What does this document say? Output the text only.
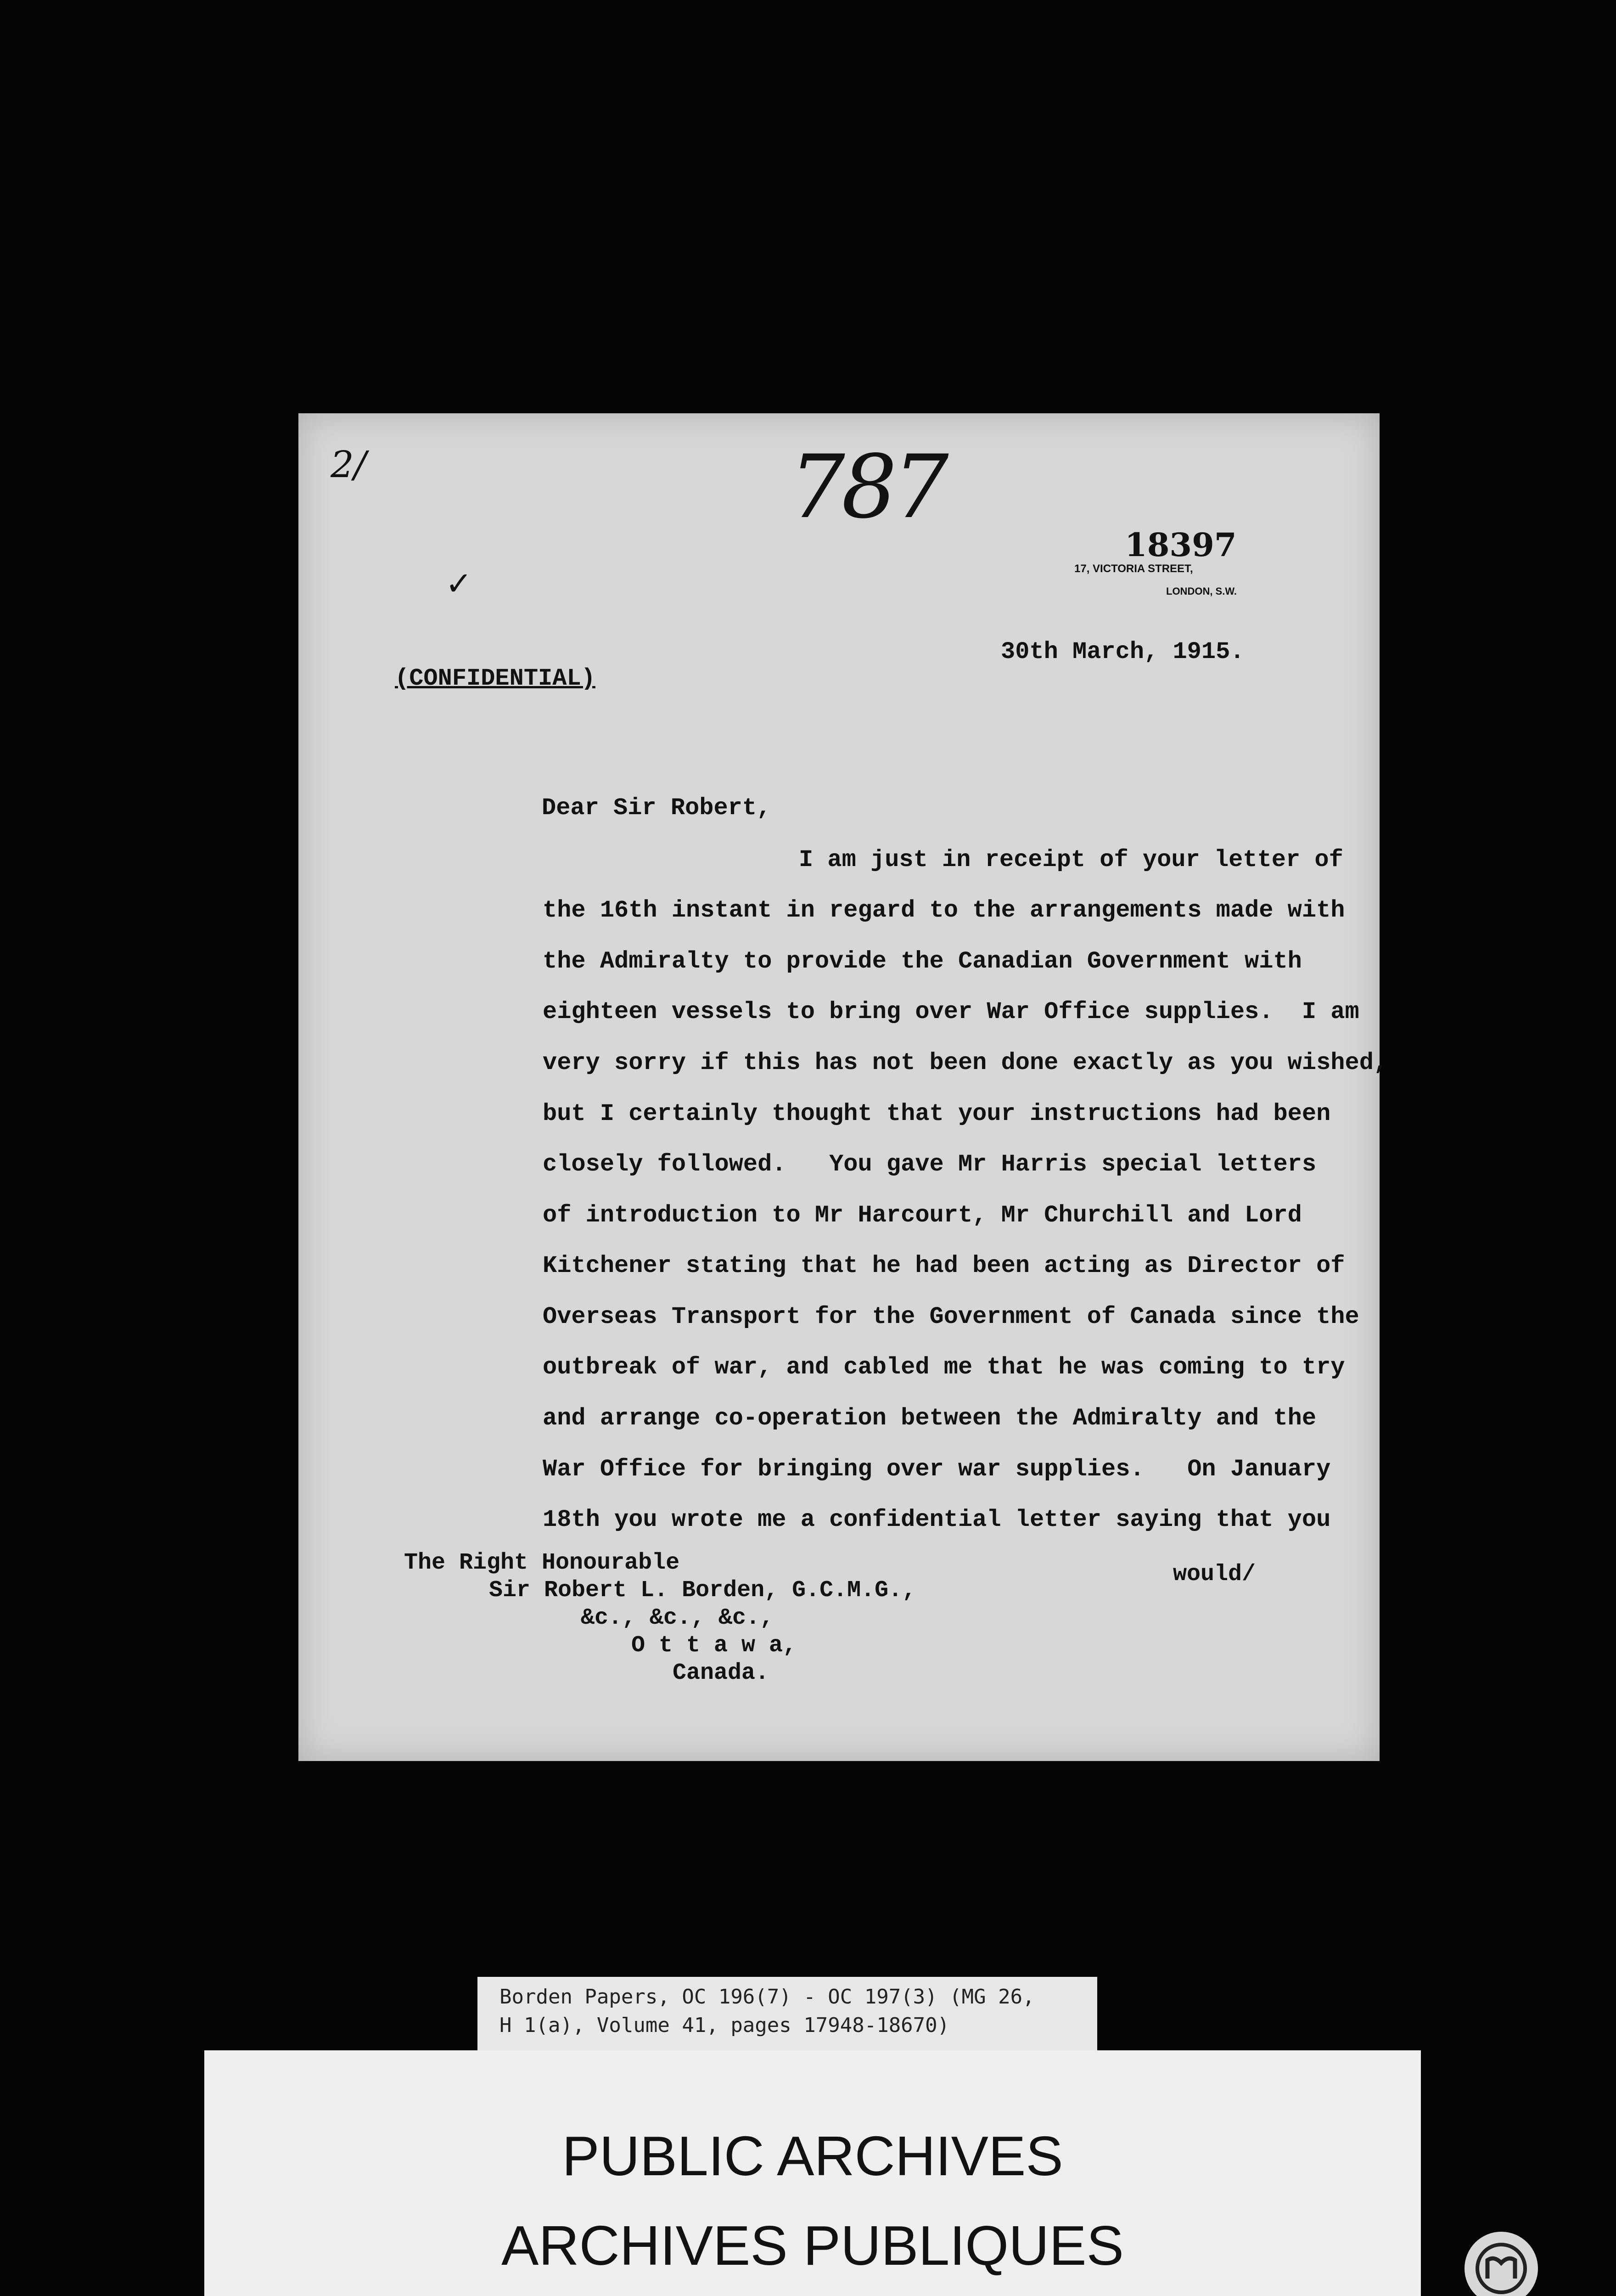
2/	787
✓
18397
17, VICTORIA STREET,
LONDON, S.W.
30th March, 1915.
(CONFIDENTIAL)
Dear Sir Robert,
I am just in receipt of your letter of
the 16th instant in regard to the arrangements made with
the Admiralty to provide the Canadian Government with
eighteen vessels to bring over War Office supplies.  I am
very sorry if this has not been done exactly as you wished,
but I certainly thought that your instructions had been
closely followed.   You gave Mr Harris special letters
of introduction to Mr Harcourt, Mr Churchill and Lord
Kitchener stating that he had been acting as Director of
Overseas Transport for the Government of Canada since the
outbreak of war, and cabled me that he was coming to try
and arrange co-operation between the Admiralty and the
War Office for bringing over war supplies.   On January
18th you wrote me a confidential letter saying that you
The Right Honourable
Sir Robert L. Borden, G.C.M.G.,
&c., &c., &c.,
O t t a w a,
Canada.
would/
Borden Papers, OC 196(7) - OC 197(3) (MG 26,
H 1(a), Volume 41, pages 17948-18670)
PUBLIC ARCHIVES
ARCHIVES PUBLIQUES
